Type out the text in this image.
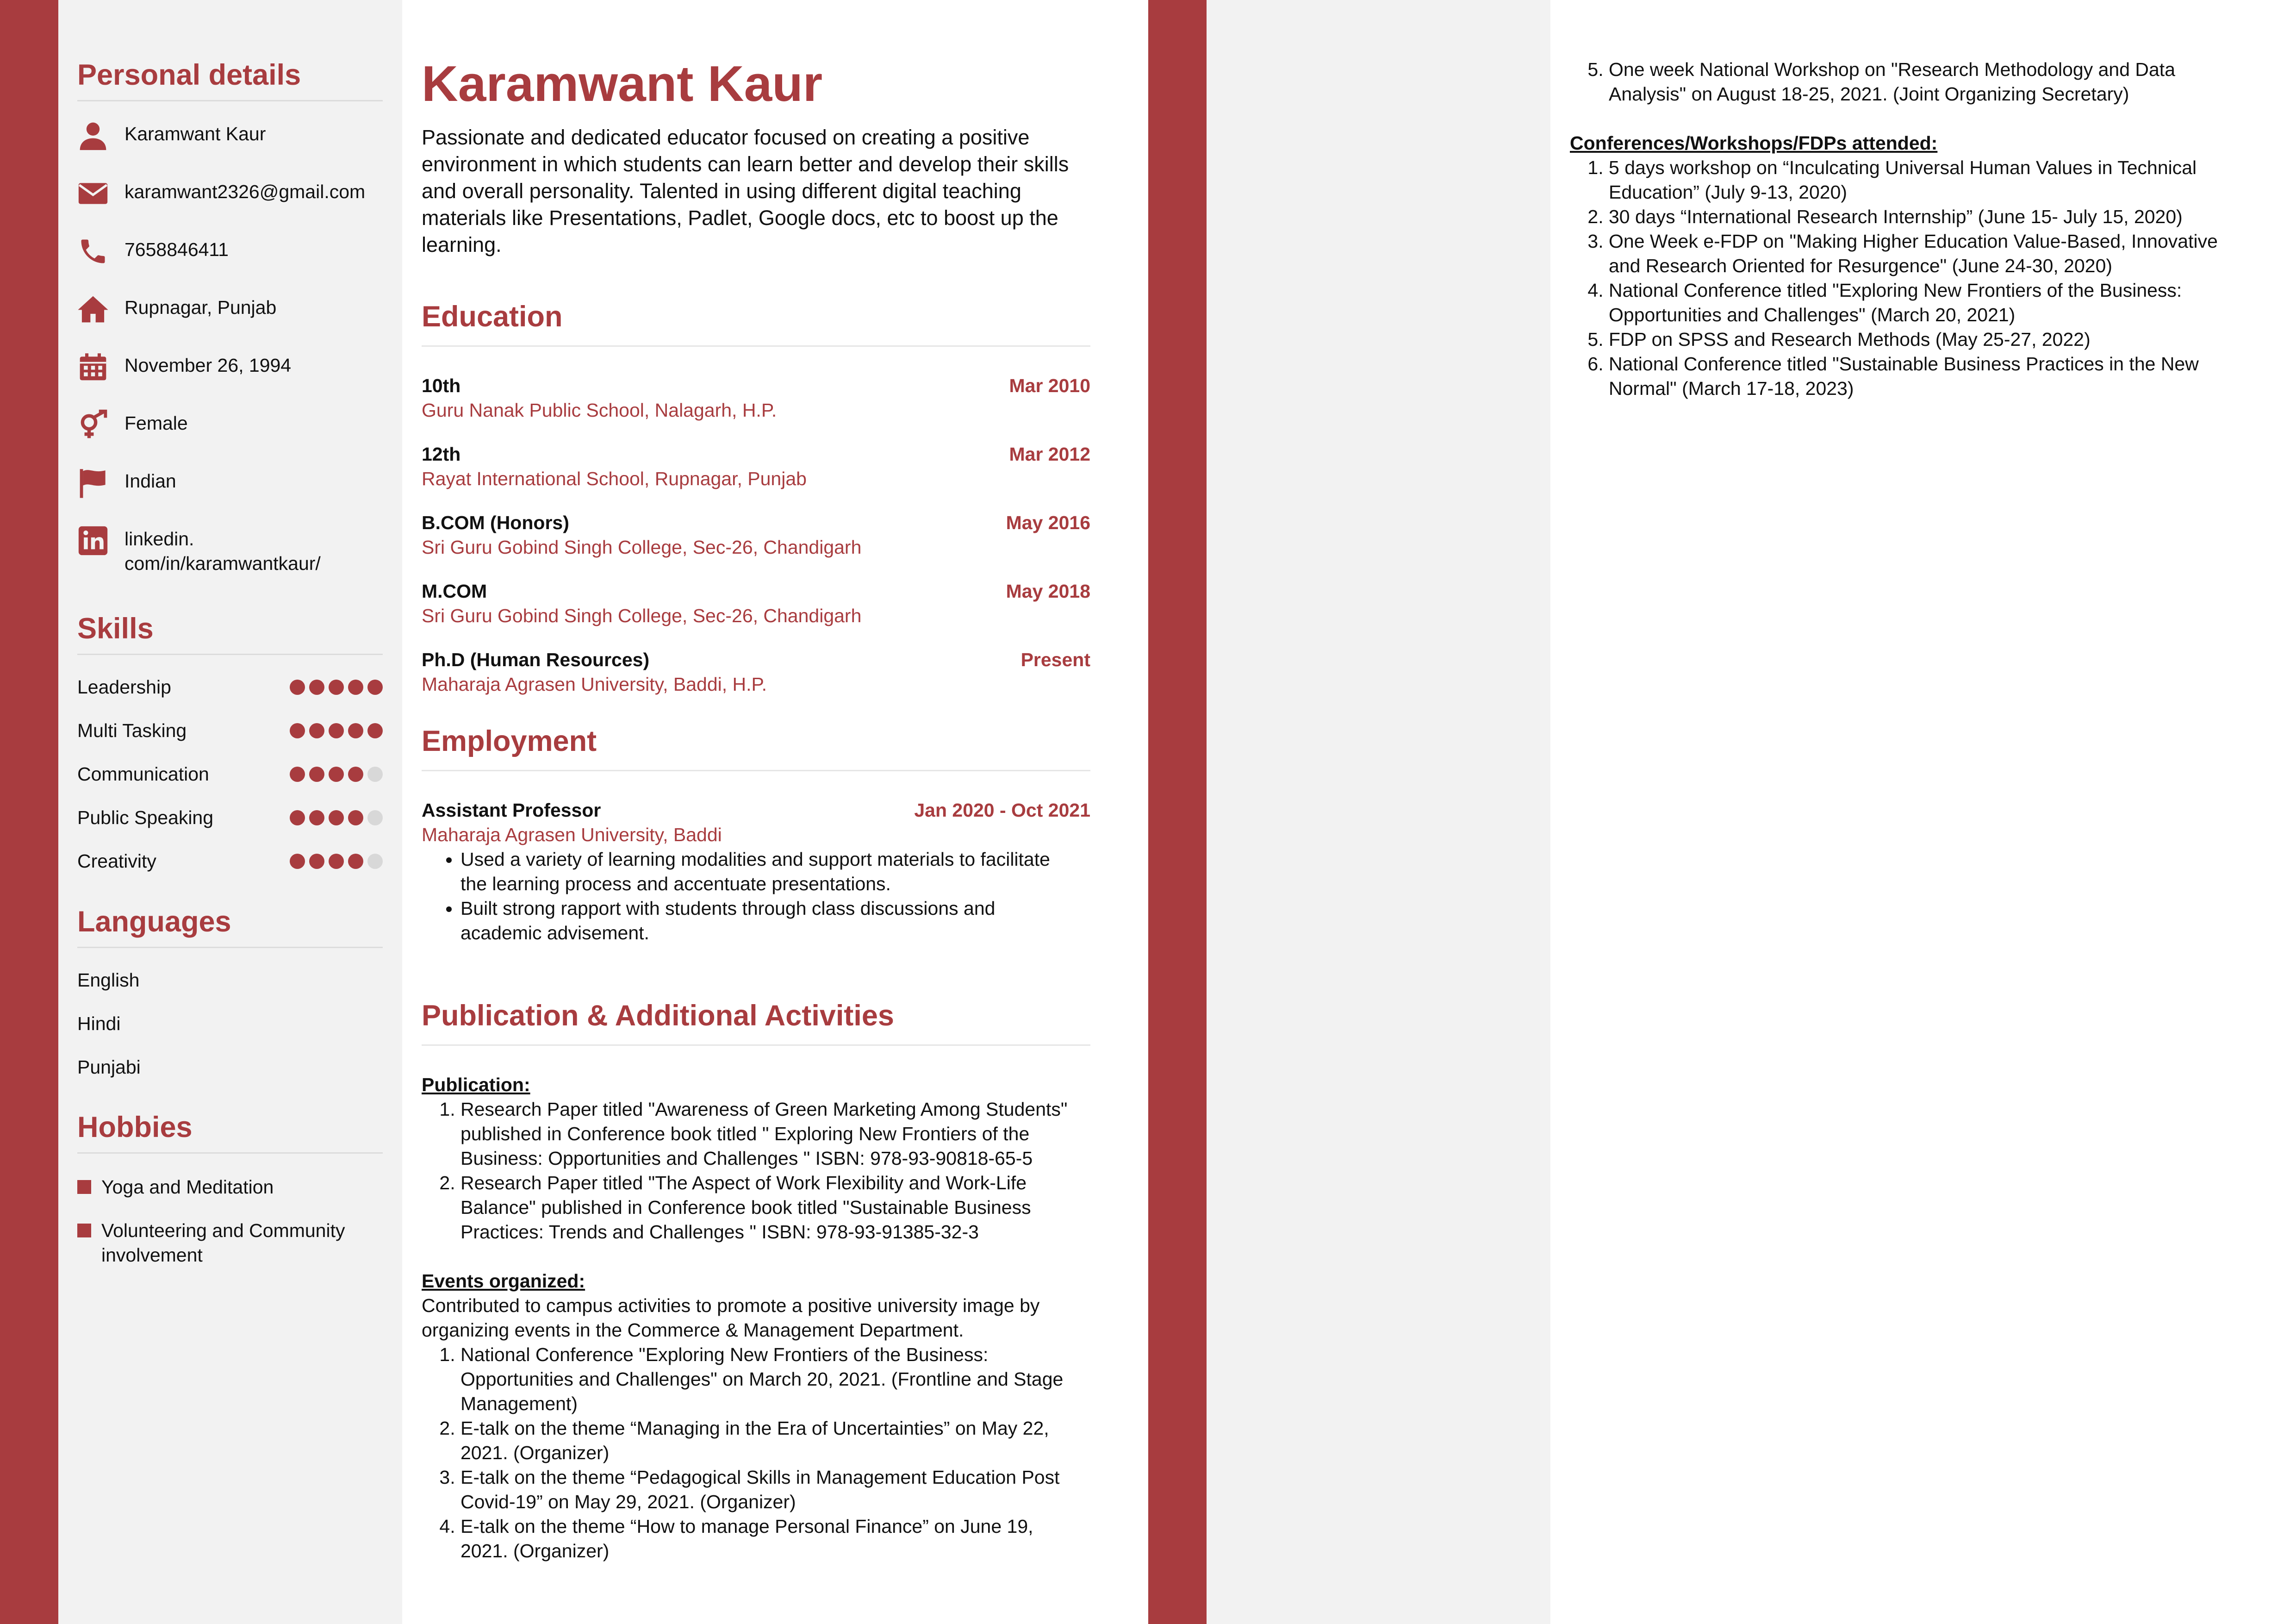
Personal details
Karamwant Kaur
karamwant2326@gmail.com
7658846411
Rupnagar, Punjab
November 26, 1994
Female
Indian
linkedin.
com/in/karamwantkaur/
Skills
Leadership
Multi Tasking
Communication
Public Speaking
Creativity
Languages
English
Hindi
Punjabi
Hobbies
Yoga and Meditation
Volunteering and Community
involvement
Karamwant Kaur

Passionate and dedicated educator focused on creating a positive
environment in which students can learn better and develop their skills
and overall personality. Talented in using different digital teaching
materials like Presentations, Padlet, Google docs, etc to boost up the
learning.

Education
10th	Mar 2010
Guru Nanak Public School, Nalagarh, H.P.
12th	Mar 2012
Rayat International School, Rupnagar, Punjab
B.COM (Honors)	May 2016
Sri Guru Gobind Singh College, Sec-26, Chandigarh
M.COM	May 2018
Sri Guru Gobind Singh College, Sec-26, Chandigarh
Ph.D (Human Resources)	Present
Maharaja Agrasen University, Baddi, H.P.
Employment
Assistant Professor	Jan 2020 - Oct 2021
Maharaja Agrasen University, Baddi
• Used a variety of learning modalities and support materials to facilitate
the learning process and accentuate presentations.
• Built strong rapport with students through class discussions and
academic advisement.
Publication & Additional Activities
Publication:
1. Research Paper titled "Awareness of Green Marketing Among Students"
published in Conference book titled " Exploring New Frontiers of the
Business: Opportunities and Challenges " ISBN: 978-93-90818-65-5
2. Research Paper titled "The Aspect of Work Flexibility and Work-Life
Balance" published in Conference book titled "Sustainable Business
Practices: Trends and Challenges " ISBN: 978-93-91385-32-3
Events organized:
Contributed to campus activities to promote a positive university image by
organizing events in the Commerce & Management Department.
1. National Conference "Exploring New Frontiers of the Business:
Opportunities and Challenges" on March 20, 2021. (Frontline and Stage
Management)
2. E-talk on the theme “Managing in the Era of Uncertainties” on May 22,
2021. (Organizer)
3. E-talk on the theme “Pedagogical Skills in Management Education Post
Covid-19” on May 29, 2021. (Organizer)
4. E-talk on the theme “How to manage Personal Finance” on June 19,
2021. (Organizer)
5. One week National Workshop on "Research Methodology and Data
Analysis" on August 18-25, 2021. (Joint Organizing Secretary)
Conferences/Workshops/FDPs attended:
1. 5 days workshop on “Inculcating Universal Human Values in Technical
Education” (July 9-13, 2020)
2. 30 days “International Research Internship” (June 15- July 15, 2020)
3. One Week e-FDP on "Making Higher Education Value-Based, Innovative
and Research Oriented for Resurgence" (June 24-30, 2020)
4. National Conference titled "Exploring New Frontiers of the Business:
Opportunities and Challenges" (March 20, 2021)
5. FDP on SPSS and Research Methods (May 25-27, 2022)
6. National Conference titled "Sustainable Business Practices in the New
Normal" (March 17-18, 2023)
